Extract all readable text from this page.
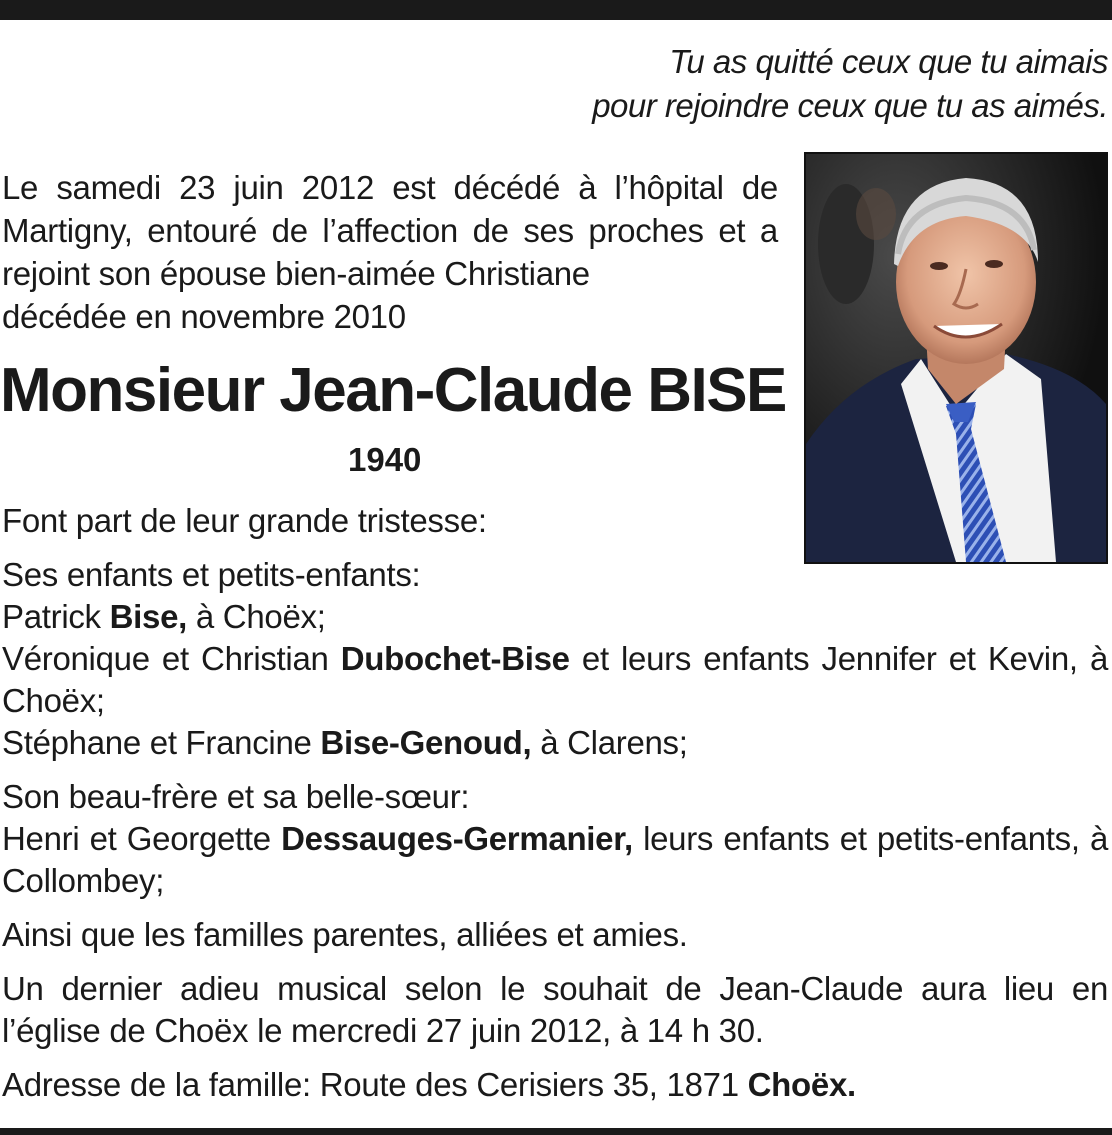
Tu as quitté ceux que tu aimais
pour rejoindre ceux que tu as aimés.
Le samedi 23 juin 2012 est décédé à l’hôpital de Martigny, entouré de l’affection de ses proches et a rejoint son épouse bien-aimée Christiane
décédée en novembre 2010
Monsieur Jean-Claude BISE
1940

Font part de leur grande tristesse:

Ses enfants et petits-enfants:
Patrick Bise, à Choëx;
Véronique et Christian Dubochet-Bise et leurs enfants Jennifer et Kevin, à Choëx;
Stéphane et Francine Bise-Genoud, à Clarens;

Son beau-frère et sa belle-sœur:
Henri et Georgette Dessauges-Germanier, leurs enfants et petits-enfants, à Collombey;

Ainsi que les familles parentes, alliées et amies.

Un dernier adieu musical selon le souhait de Jean-Claude aura lieu en l’église de Choëx le mercredi 27 juin 2012, à 14 h 30.

Adresse de la famille: Route des Cerisiers 35, 1871 Choëx.
